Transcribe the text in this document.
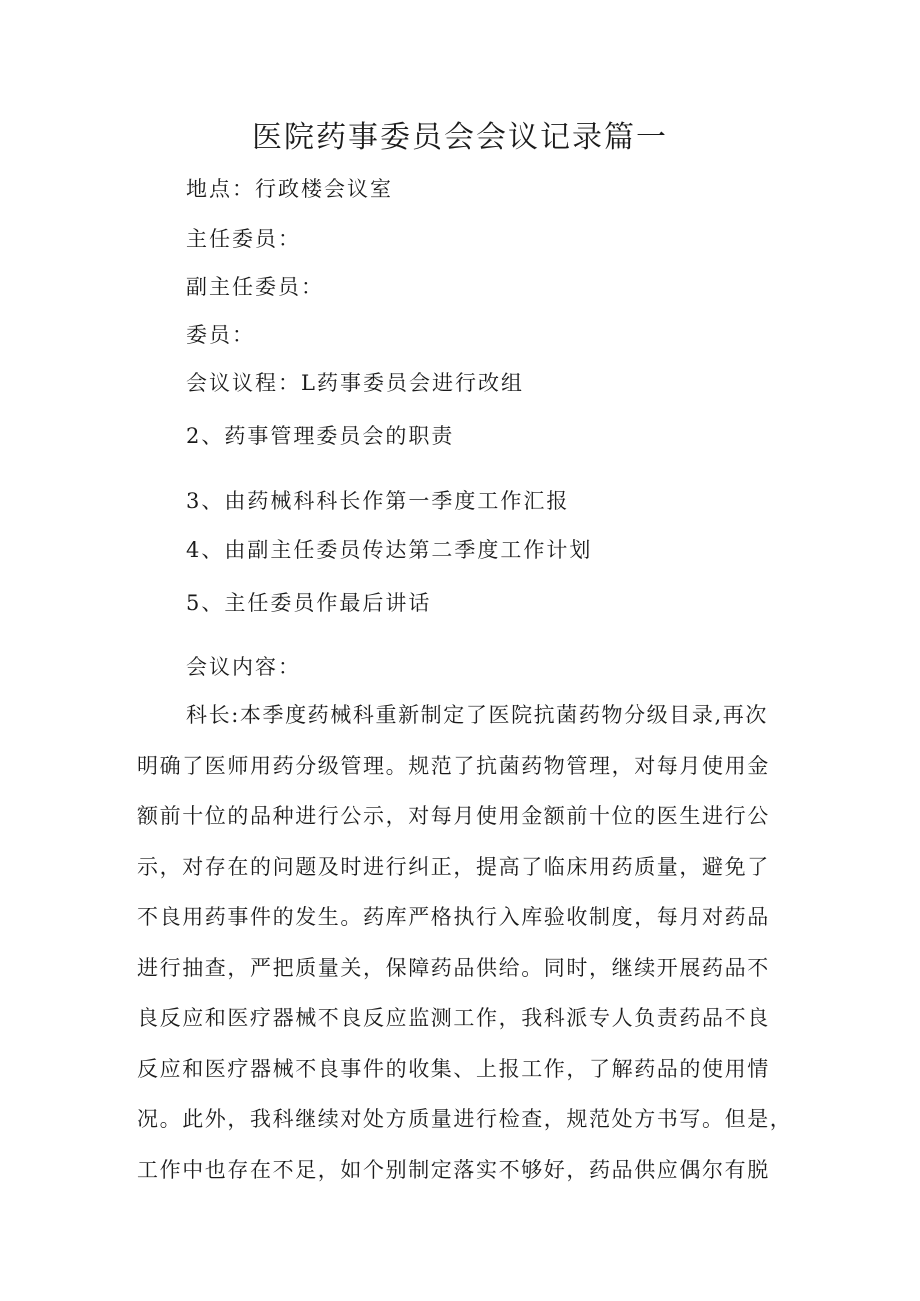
医院药事委员会会议记录篇一
地点：行政楼会议室
主任委员：
副主任委员：
委员：
会议议程：L药事委员会进行改组
2、药事管理委员会的职责
3、由药械科科长作第一季度工作汇报
4、由副主任委员传达第二季度工作计划
5、主任委员作最后讲话
会议内容：
科长:本季度药械科重新制定了医院抗菌药物分级目录,再次
明确了医师用药分级管理。规范了抗菌药物管理，对每月使用金
额前十位的品种进行公示，对每月使用金额前十位的医生进行公
示，对存在的问题及时进行纠正，提高了临床用药质量，避免了
不良用药事件的发生。药库严格执行入库验收制度，每月对药品
进行抽查，严把质量关，保障药品供给。同时，继续开展药品不
良反应和医疗器械不良反应监测工作，我科派专人负责药品不良
反应和医疗器械不良事件的收集、上报工作，了解药品的使用情
况。此外，我科继续对处方质量进行检查，规范处方书写。但是，
工作中也存在不足，如个别制定落实不够好，药品供应偶尔有脱
